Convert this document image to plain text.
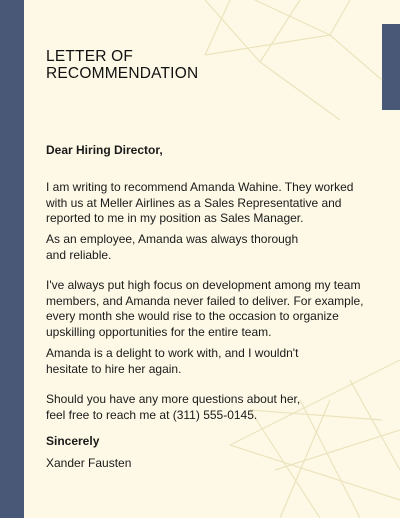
LETTER OF
RECOMMENDATION

Dear Hiring Director,

I am writing to recommend Amanda Wahine. They worked
with us at Meller Airlines as a Sales Representative and
reported to me in my position as Sales Manager.

As an employee, Amanda was always thorough
and reliable.

I've always put high focus on development among my team
members, and Amanda never failed to deliver. For example,
every month she would rise to the occasion to organize
upskilling opportunities for the entire team.

Amanda is a delight to work with, and I wouldn't
hesitate to hire her again.

Should you have any more questions about her,
feel free to reach me at (311) 555-0145.

Sincerely

Xander Fausten
